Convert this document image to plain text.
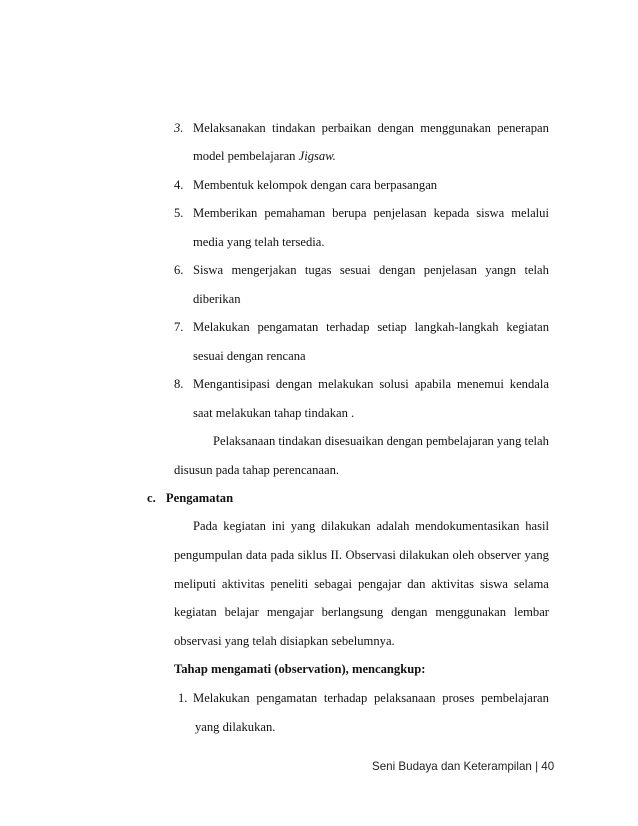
3. Melaksanakan tindakan perbaikan dengan menggunakan penerapan
model pembelajaran Jigsaw.
4. Membentuk kelompok dengan cara berpasangan
5. Memberikan pemahaman berupa penjelasan kepada siswa melalui
media yang telah tersedia.
6. Siswa mengerjakan tugas sesuai dengan penjelasan yangn telah
diberikan
7. Melakukan pengamatan terhadap setiap langkah-langkah kegiatan
sesuai dengan rencana
8. Mengantisipasi dengan melakukan solusi apabila menemui kendala
saat melakukan tahap tindakan .
Pelaksanaan tindakan disesuaikan dengan pembelajaran yang telah
disusun pada tahap perencanaan.
c. Pengamatan
Pada kegiatan ini yang dilakukan adalah mendokumentasikan hasil
pengumpulan data pada siklus II. Observasi dilakukan oleh observer yang
meliputi aktivitas peneliti sebagai pengajar dan aktivitas siswa selama
kegiatan belajar mengajar berlangsung dengan menggunakan lembar
observasi yang telah disiapkan sebelumnya.
Tahap mengamati (observation), mencangkup:
1. Melakukan pengamatan terhadap pelaksanaan proses pembelajaran
yang dilakukan.
Seni Budaya dan Keterampilan | 40
